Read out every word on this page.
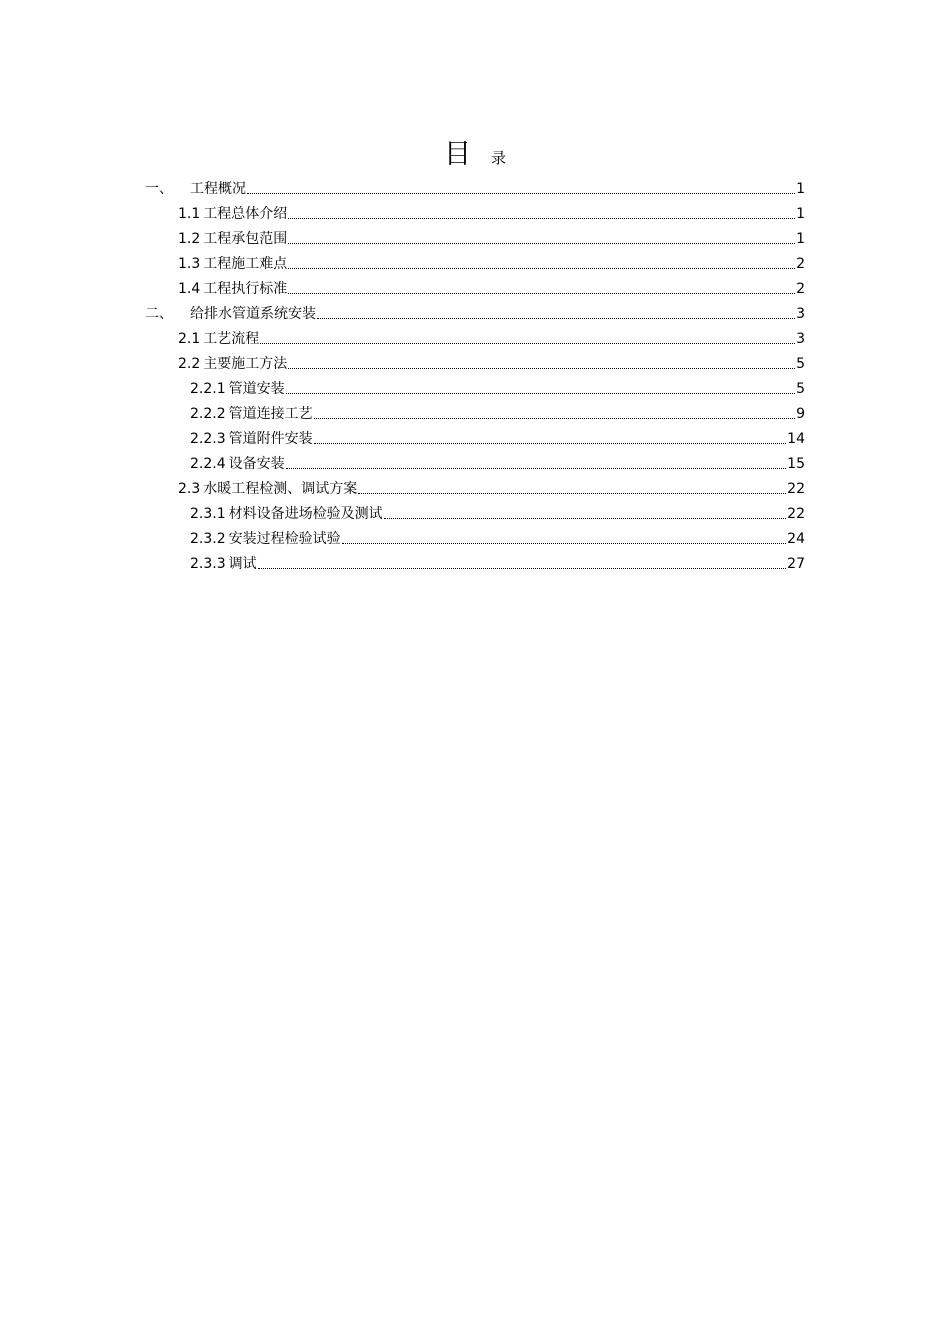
目 录
一、	工程概况	1
1.1 工程总体介绍	1
1.2 工程承包范围	1
1.3 工程施工难点	2
1.4 工程执行标准	2
二、	给排水管道系统安装	3
2.1 工艺流程	3
2.2 主要施工方法	5
2.2.1 管道安装	5
2.2.2 管道连接工艺	9
2.2.3 管道附件安装	14
2.2.4 设备安装	15
2.3 水暖工程检测、调试方案	22
2.3.1 材料设备进场检验及测试	22
2.3.2 安装过程检验试验	24
2.3.3 调试	27
